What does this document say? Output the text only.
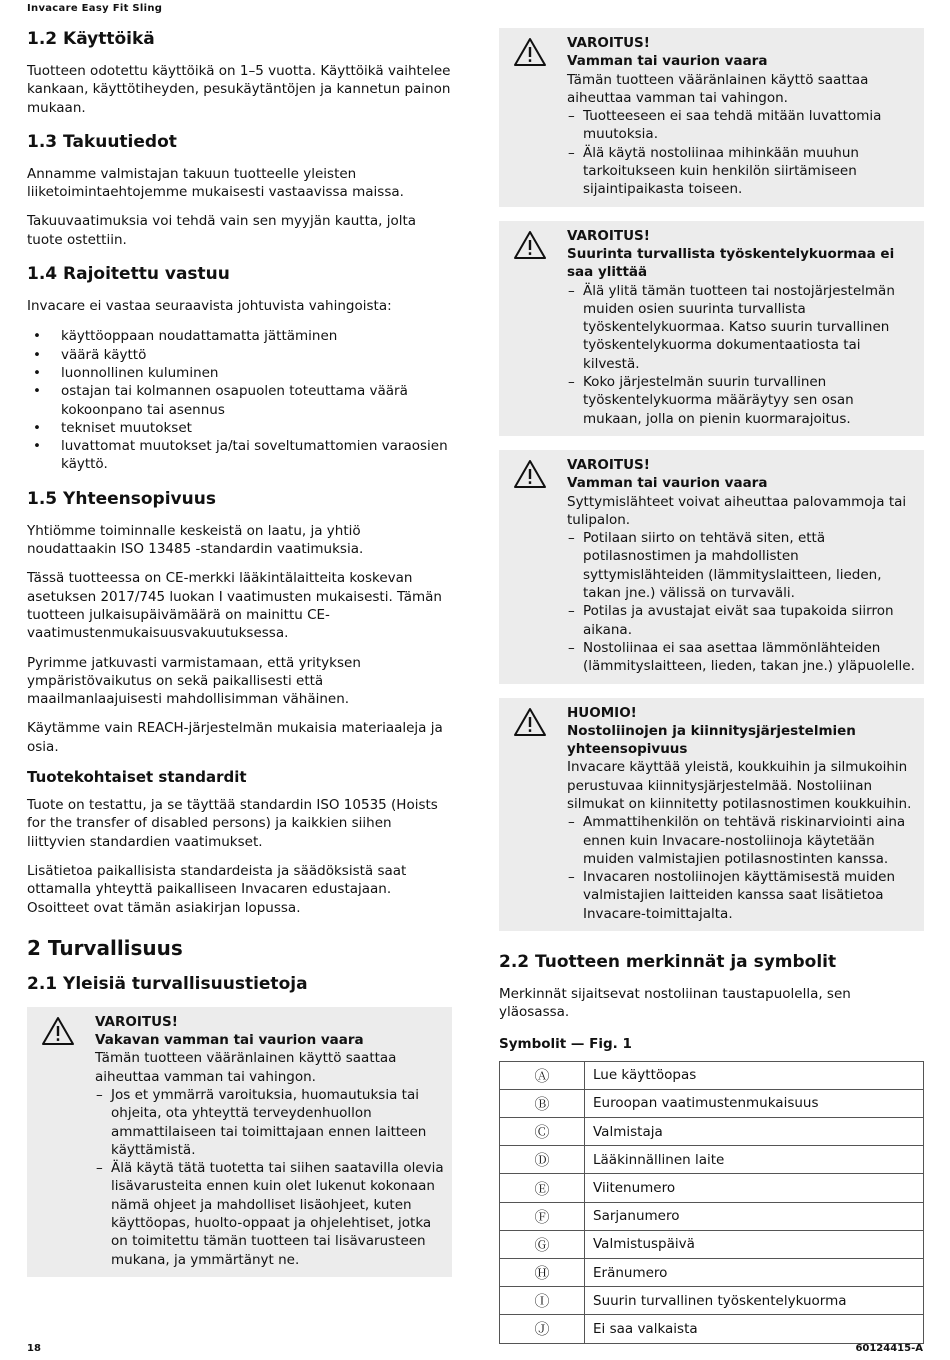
Invacare Easy Fit Sling
1.2 Käyttöikä

Tuotteen odotettu käyttöikä on 1–5 vuotta. Käyttöikä vaihtelee kankaan, käyttötiheyden, pesukäytäntöjen ja kannetun painon mukaan.

1.3 Takuutiedot

Annamme valmistajan takuun tuotteelle yleisten liiketoimintaehtojemme mukaisesti vastaavissa maissa.

Takuuvaatimuksia voi tehdä vain sen myyjän kautta, jolta tuote ostettiin.

1.4 Rajoitettu vastuu

Invacare ei vastaa seuraavista johtuvista vahingoista:

• käyttöoppaan noudattamatta jättäminen
• väärä käyttö
• luonnollinen kuluminen
• ostajan tai kolmannen osapuolen toteuttama väärä kokoonpano tai asennus
• tekniset muutokset
• luvattomat muutokset ja/tai soveltumattomien varaosien käyttö.
1.5 Yhteensopivuus

Yhtiömme toiminnalle keskeistä on laatu, ja yhtiö noudattaakin ISO 13485 -standardin vaatimuksia.

Tässä tuotteessa on CE-merkki lääkintälaitteita koskevan asetuksen 2017/745 luokan I vaatimusten mukaisesti. Tämän tuotteen julkaisupäivämäärä on mainittu CE-vaatimustenmukaisuusvakuutuksessa.

Pyrimme jatkuvasti varmistamaan, että yrityksen ympäristövaikutus on sekä paikallisesti että maailmanlaajuisesti mahdollisimman vähäinen.

Käytämme vain REACH-järjestelmän mukaisia materiaaleja ja osia.

Tuotekohtaiset standardit

Tuote on testattu, ja se täyttää standardin ISO 10535 (Hoists for the transfer of disabled persons) ja kaikkien siihen liittyvien standardien vaatimukset.

Lisätietoa paikallisista standardeista ja säädöksistä saat ottamalla yhteyttä paikalliseen Invacaren edustajaan. Osoitteet ovat tämän asiakirjan lopussa.

2 Turvallisuus
2.1 Yleisiä turvallisuustietoja
VAROITUS!
Vakavan vamman tai vaurion vaara
Tämän tuotteen vääränlainen käyttö saattaa aiheuttaa vamman tai vahingon.
– Jos et ymmärrä varoituksia, huomautuksia tai ohjeita, ota yhteyttä terveydenhuollon ammattilaiseen tai toimittajaan ennen laitteen käyttämistä.
– Älä käytä tätä tuotetta tai siihen saatavilla olevia lisävarusteita ennen kuin olet lukenut kokonaan nämä ohjeet ja mahdolliset lisäohjeet, kuten käyttöopas, huolto-oppaat ja ohjelehtiset, jotka on toimitettu tämän tuotteen tai lisävarusteen mukana, ja ymmärtänyt ne.
VAROITUS!
Vamman tai vaurion vaara
Tämän tuotteen vääränlainen käyttö saattaa aiheuttaa vamman tai vahingon.
– Tuotteeseen ei saa tehdä mitään luvattomia muutoksia.
– Älä käytä nostoliinaa mihinkään muuhun tarkoitukseen kuin henkilön siirtämiseen sijaintipaikasta toiseen.
VAROITUS!
Suurinta turvallista työskentelykuormaa ei saa ylittää
– Älä ylitä tämän tuotteen tai nostojärjestelmän muiden osien suurinta turvallista työskentelykuormaa. Katso suurin turvallinen työskentelykuorma dokumentaatiosta tai kilvestä.
– Koko järjestelmän suurin turvallinen työskentelykuorma määräytyy sen osan mukaan, jolla on pienin kuormarajoitus.
VAROITUS!
Vamman tai vaurion vaara
Syttymislähteet voivat aiheuttaa palovammoja tai tulipalon.
– Potilaan siirto on tehtävä siten, että potilasnostimen ja mahdollisten syttymislähteiden (lämmityslaitteen, lieden, takan jne.) välissä on turvaväli.
– Potilas ja avustajat eivät saa tupakoida siirron aikana.
– Nostoliinaa ei saa asettaa lämmönlähteiden (lämmityslaitteen, lieden, takan jne.) yläpuolelle.
HUOMIO!
Nostoliinojen ja kiinnitysjärjestelmien yhteensopivuus
Invacare käyttää yleistä, koukkuihin ja silmukoihin perustuvaa kiinnitysjärjestelmää. Nostoliinan silmukat on kiinnitetty potilasnostimen koukkuihin.
– Ammattihenkilön on tehtävä riskinarviointi aina ennen kuin Invacare-nostoliinoja käytetään muiden valmistajien potilasnostinten kanssa.
– Invacaren nostoliinojen käyttämisestä muiden valmistajien laitteiden kanssa saat lisätietoa Invacare-toimittajalta.
2.2 Tuotteen merkinnät ja symbolit

Merkinnät sijaitsevat nostoliinan taustapuolella, sen yläosassa.

Symbolit — Fig. 1
Ⓐ	Lue käyttöopas
Ⓑ	Euroopan vaatimustenmukaisuus
Ⓒ	Valmistaja
Ⓓ	Lääkinnällinen laite
Ⓔ	Viitenumero
Ⓕ	Sarjanumero
Ⓖ	Valmistuspäivä
Ⓗ	Eränumero
Ⓘ	Suurin turvallinen työskentelykuorma
Ⓙ	Ei saa valkaista
18	60124415-A
